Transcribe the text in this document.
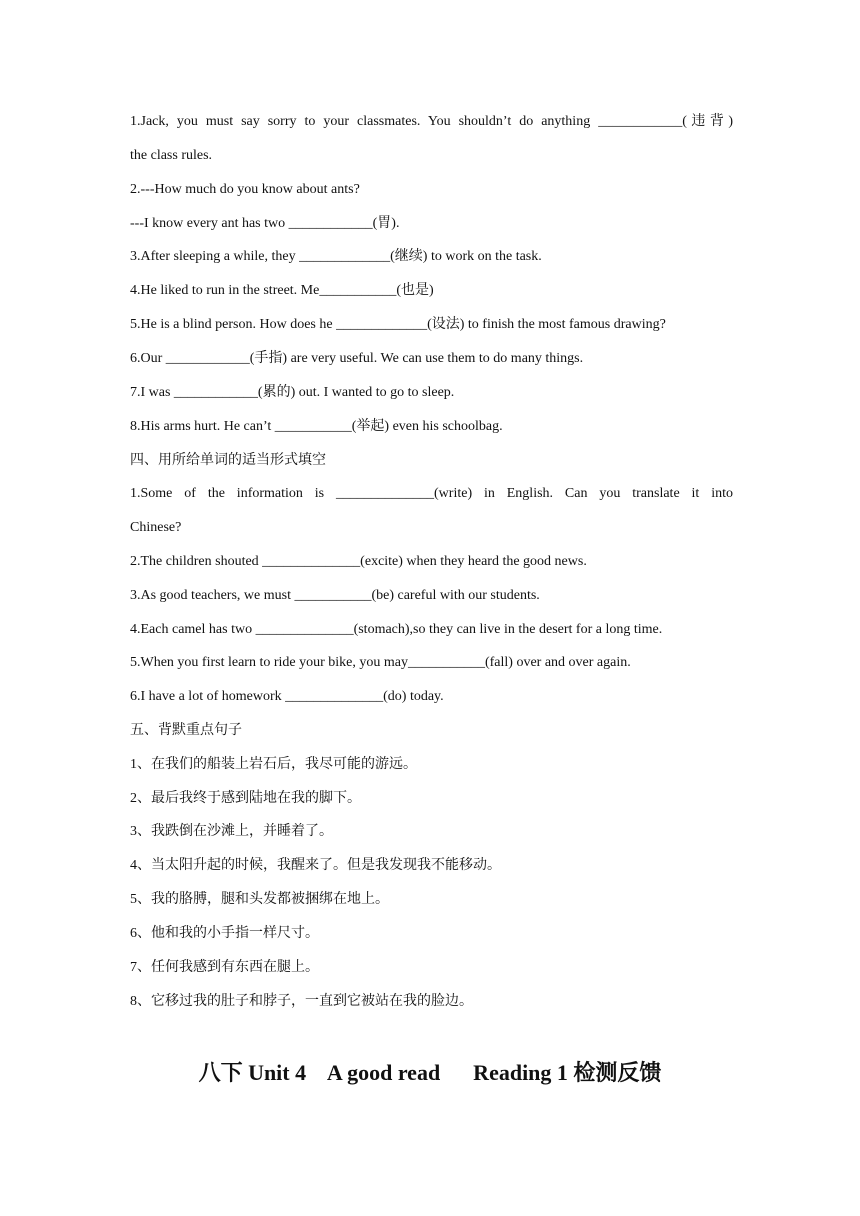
1.Jack, you must say sorry to your classmates. You shouldn’t do anything ____________(违背)
the class rules.
2.---How much do you know about ants?
---I know every ant has two ____________(胃).
3.After sleeping a while, they _____________(继续) to work on the task.
4.He liked to run in the street. Me___________(也是)
5.He is a blind person. How does he _____________(设法) to finish the most famous drawing?
6.Our ____________(手指) are very useful. We can use them to do many things.
7.I was ____________(累的) out. I wanted to go to sleep.
8.His arms hurt. He can’t ___________(举起) even his schoolbag.
四、用所给单词的适当形式填空
1.Some of the information is ______________(write) in English. Can you translate it into
Chinese?
2.The children shouted ______________(excite) when they heard the good news.
3.As good teachers, we must ___________(be) careful with our students.
4.Each camel has two ______________(stomach),so they can live in the desert for a long time.
5.When you first learn to ride your bike, you may___________(fall) over and over again.
6.I have a lot of homework ______________(do) today.
五、背默重点句子
1、在我们的船装上岩石后，我尽可能的游远。
2、最后我终于感到陆地在我的脚下。
3、我跌倒在沙滩上，并睡着了。
4、当太阳升起的时候，我醒来了。但是我发现我不能移动。
5、我的胳膊，腿和头发都被捆绑在地上。
6、他和我的小手指一样尺寸。
7、任何我感到有东西在腿上。
8、它移过我的肚子和脖子，一直到它被站在我的脸边。
八下 Unit 4    A good read      Reading 1 检测反馈
